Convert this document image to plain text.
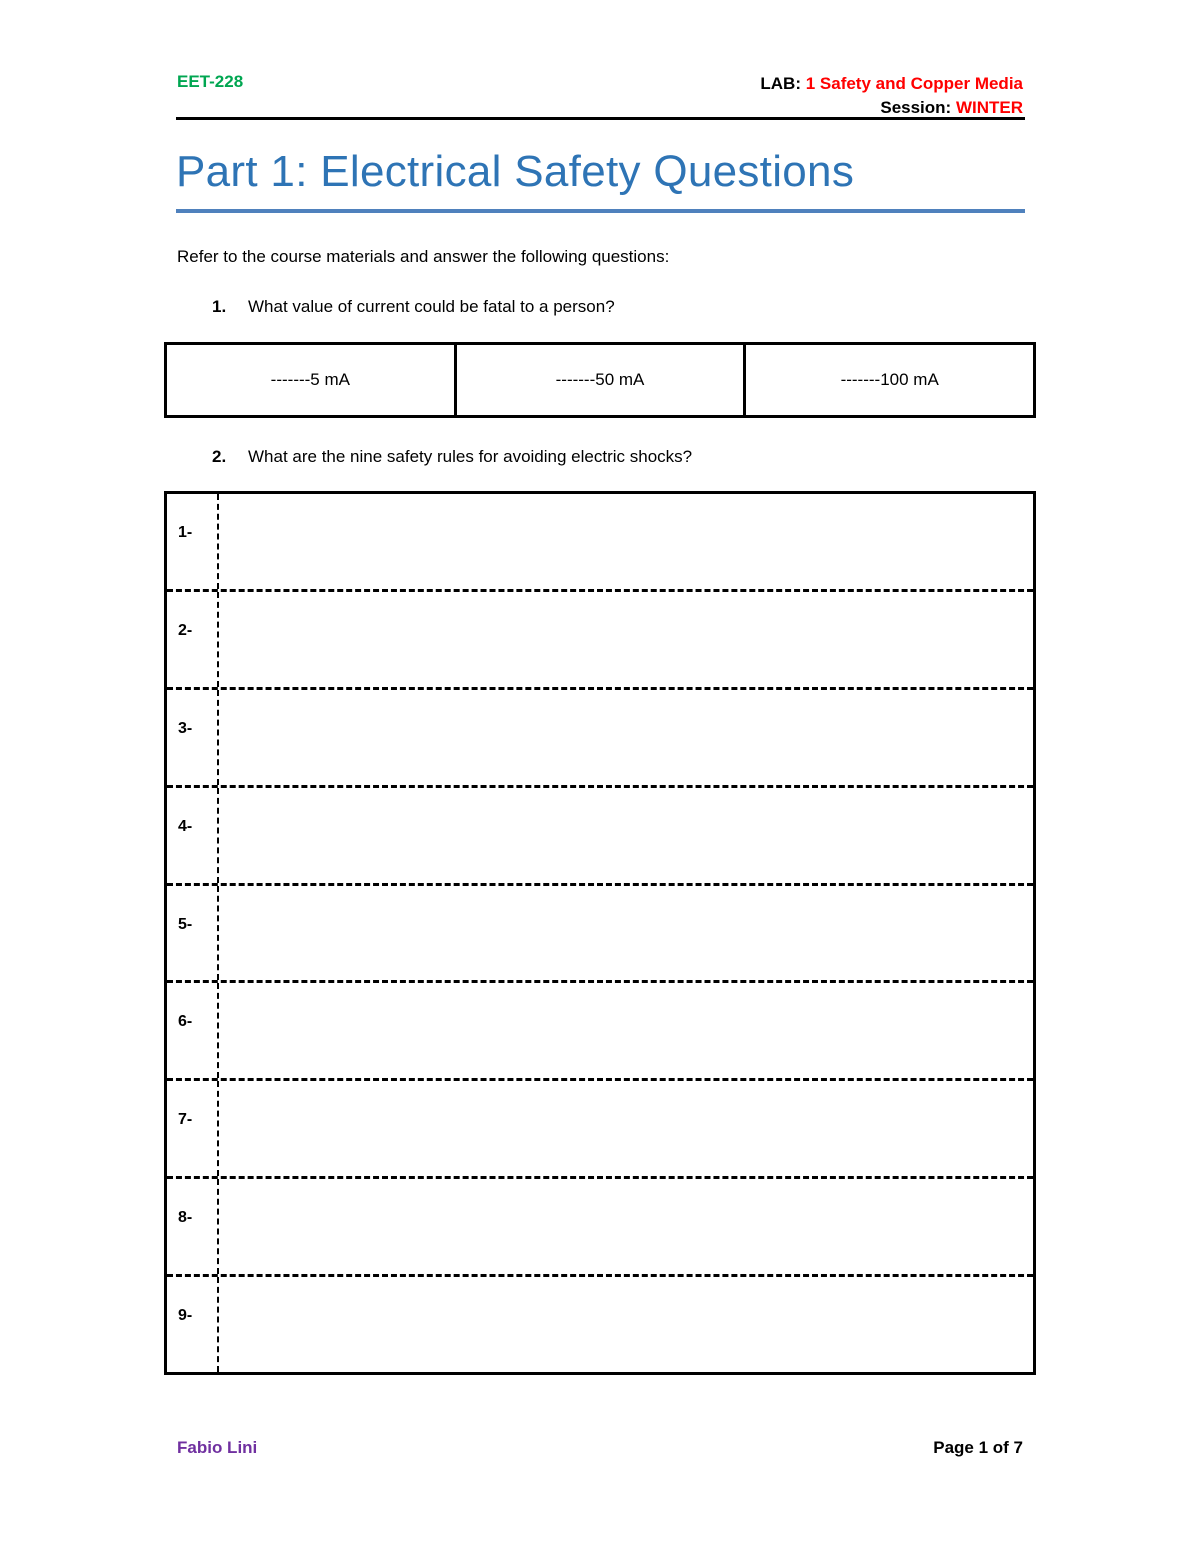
EET-228	LAB: 1 Safety and Copper Media
Session: WINTER
Part 1: Electrical Safety Questions
Refer to the course materials and answer the following questions:
1. What value of current could be fatal to a person?
-------5 mA	-------50 mA	-------100 mA
2. What are the nine safety rules for avoiding electric shocks?
1-
2-
3-
4-
5-
6-
7-
8-
9-
Fabio Lini	Page 1 of 7
